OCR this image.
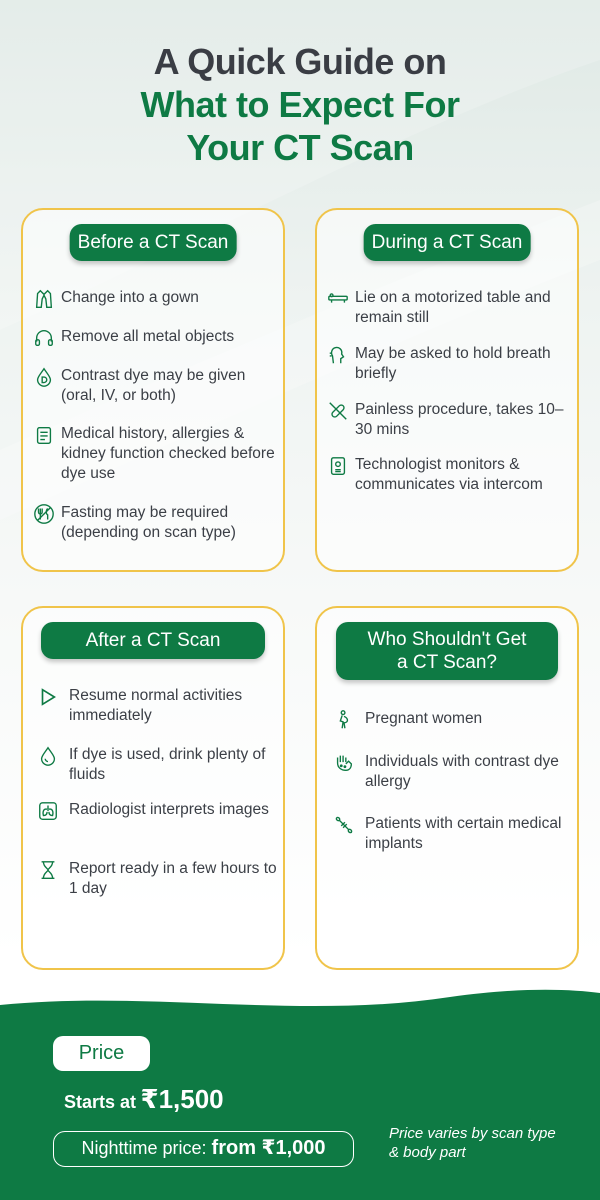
A Quick Guide on
What to Expect For
Your CT Scan
Before a CT Scan
Change into a gown
Remove all metal objects
Contrast dye may be given (oral, IV, or both)
Medical history, allergies & kidney function checked before dye use
Fasting may be required (depending on scan type)
During a CT Scan
Lie on a motorized table and remain still
May be asked to hold breath briefly
Painless procedure, takes 10–30 mins
Technologist monitors & communicates via intercom
After a CT Scan
Resume normal activities immediately
If dye is used, drink plenty of fluids
Radiologist interprets images
Report ready in a few hours to 1 day
Who Shouldn't Get
a CT Scan?
Pregnant women
Individuals with contrast dye allergy
Patients with certain medical implants
Price
Starts at ₹1,500
Nighttime price: from ₹1,000
Price varies by scan type & body part
